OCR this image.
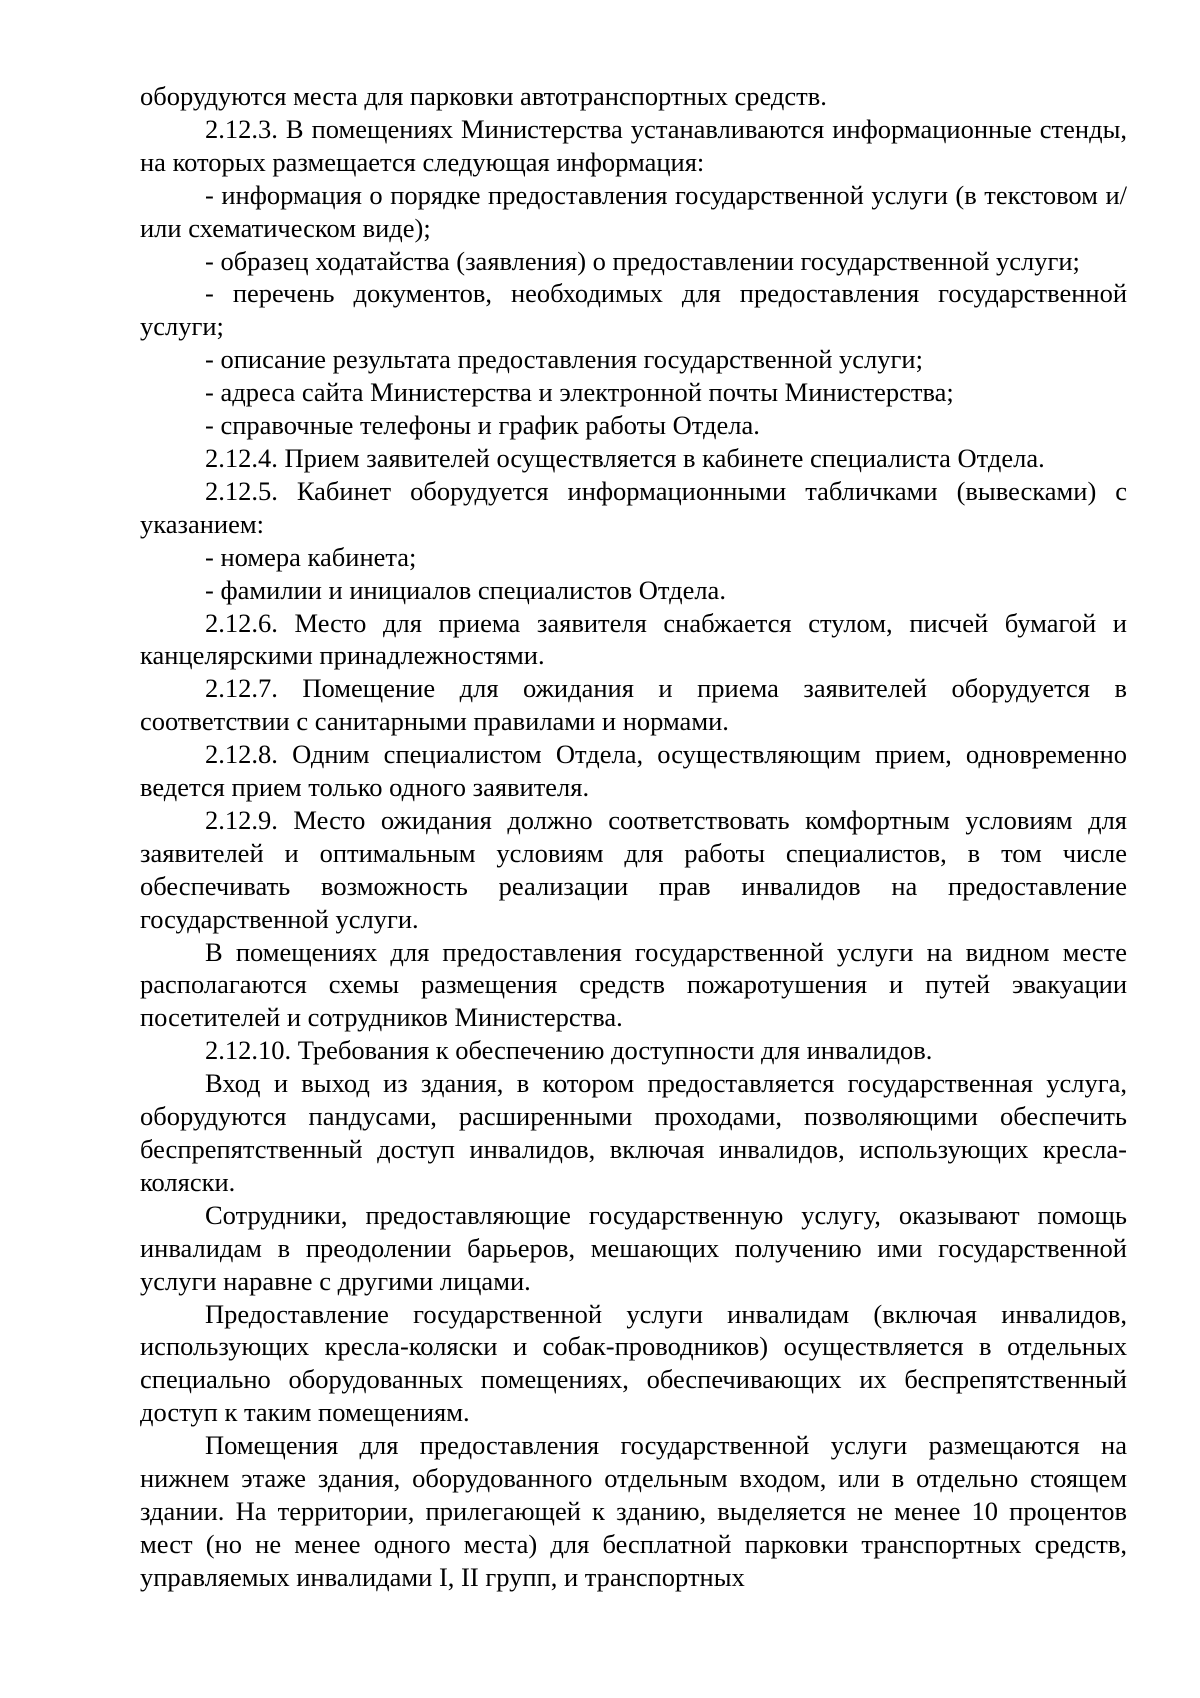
оборудуются места для парковки автотранспортных средств.

2.12.3. В помещениях Министерства устанавливаются информационные стенды, на которых размещается следующая информация:

- информация о порядке предоставления государственной услуги (в текстовом и/или схематическом виде);

- образец ходатайства (заявления) о предоставлении государственной услуги;

- перечень документов, необходимых для предоставления государственной услуги;

- описание результата предоставления государственной услуги;

- адреса сайта Министерства и электронной почты Министерства;

- справочные телефоны и график работы Отдела.

2.12.4. Прием заявителей осуществляется в кабинете специалиста Отдела.

2.12.5. Кабинет оборудуется информационными табличками (вывесками) с указанием:

- номера кабинета;

- фамилии и инициалов специалистов Отдела.

2.12.6. Место для приема заявителя снабжается стулом, писчей бумагой и канцелярскими принадлежностями.

2.12.7. Помещение для ожидания и приема заявителей оборудуется в соответствии с санитарными правилами и нормами.

2.12.8. Одним специалистом Отдела, осуществляющим прием, одновременно ведется прием только одного заявителя.

2.12.9. Место ожидания должно соответствовать комфортным условиям для заявителей и оптимальным условиям для работы специалистов, в том числе обеспечивать возможность реализации прав инвалидов на предоставление государственной услуги.

В помещениях для предоставления государственной услуги на видном месте располагаются схемы размещения средств пожаротушения и путей эвакуации посетителей и сотрудников Министерства.

2.12.10. Требования к обеспечению доступности для инвалидов.

Вход и выход из здания, в котором предоставляется государственная услуга, оборудуются пандусами, расширенными проходами, позволяющими обеспечить беспрепятственный доступ инвалидов, включая инвалидов, использующих кресла-коляски.

Сотрудники, предоставляющие государственную услугу, оказывают помощь инвалидам в преодолении барьеров, мешающих получению ими государственной услуги наравне с другими лицами.

Предоставление государственной услуги инвалидам (включая инвалидов, использующих кресла-коляски и собак-проводников) осуществляется в отдельных специально оборудованных помещениях, обеспечивающих их беспрепятственный доступ к таким помещениям.

Помещения для предоставления государственной услуги размещаются на нижнем этаже здания, оборудованного отдельным входом, или в отдельно стоящем здании. На территории, прилегающей к зданию, выделяется не менее 10 процентов мест (но не менее одного места) для бесплатной парковки транспортных средств, управляемых инвалидами I, II групп, и транспортных
